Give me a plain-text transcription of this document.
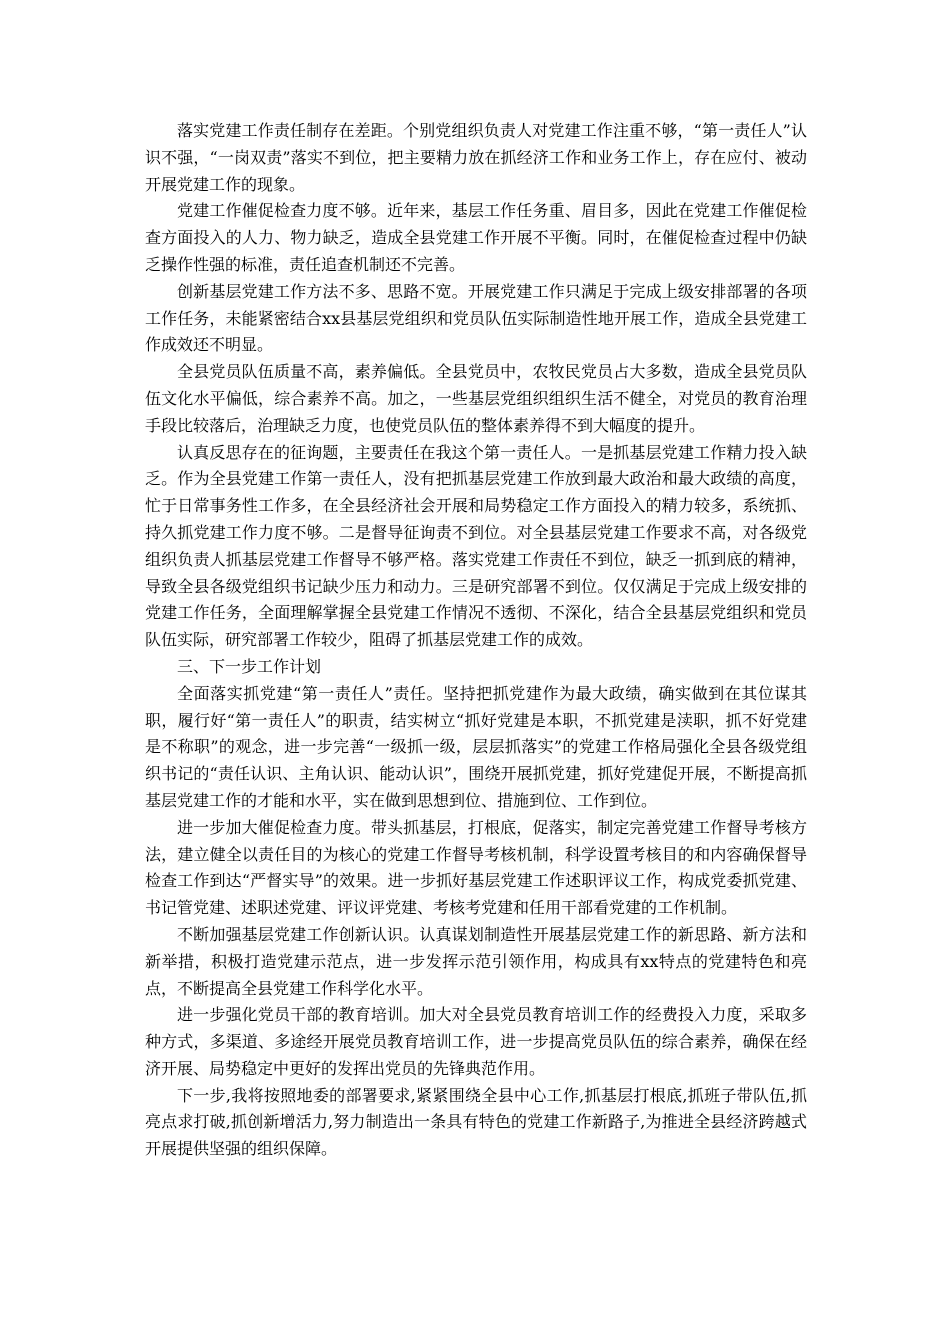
落实党建工作责任制存在差距。个别党组织负责人对党建工作注重不够，“第一责任人”认识不强，“一岗双责”落实不到位，把主要精力放在抓经济工作和业务工作上，存在应付、被动开展党建工作的现象。

党建工作催促检查力度不够。近年来，基层工作任务重、眉目多，因此在党建工作催促检查方面投入的人力、物力缺乏，造成全县党建工作开展不平衡。同时，在催促检查过程中仍缺乏操作性强的标准，责任追查机制还不完善。

创新基层党建工作方法不多、思路不宽。开展党建工作只满足于完成上级安排部署的各项工作任务，未能紧密结合xx县基层党组织和党员队伍实际制造性地开展工作，造成全县党建工作成效还不明显。

全县党员队伍质量不高，素养偏低。全县党员中，农牧民党员占大多数，造成全县党员队伍文化水平偏低，综合素养不高。加之，一些基层党组织组织生活不健全，对党员的教育治理手段比较落后，治理缺乏力度，也使党员队伍的整体素养得不到大幅度的提升。

认真反思存在的征询题，主要责任在我这个第一责任人。一是抓基层党建工作精力投入缺乏。作为全县党建工作第一责任人，没有把抓基层党建工作放到最大政治和最大政绩的高度，忙于日常事务性工作多，在全县经济社会开展和局势稳定工作方面投入的精力较多，系统抓、持久抓党建工作力度不够。二是督导征询责不到位。对全县基层党建工作要求不高，对各级党组织负责人抓基层党建工作督导不够严格。落实党建工作责任不到位，缺乏一抓到底的精神，导致全县各级党组织书记缺少压力和动力。三是研究部署不到位。仅仅满足于完成上级安排的党建工作任务，全面理解掌握全县党建工作情况不透彻、不深化，结合全县基层党组织和党员队伍实际，研究部署工作较少，阻碍了抓基层党建工作的成效。

三、下一步工作计划

全面落实抓党建“第一责任人”责任。坚持把抓党建作为最大政绩，确实做到在其位谋其职，履行好“第一责任人”的职责，结实树立“抓好党建是本职，不抓党建是渎职，抓不好党建是不称职”的观念，进一步完善“一级抓一级，层层抓落实”的党建工作格局强化全县各级党组织书记的“责任认识、主角认识、能动认识”，围绕开展抓党建，抓好党建促开展，不断提高抓基层党建工作的才能和水平，实在做到思想到位、措施到位、工作到位。

进一步加大催促检查力度。带头抓基层，打根底，促落实，制定完善党建工作督导考核方法，建立健全以责任目的为核心的党建工作督导考核机制，科学设置考核目的和内容确保督导检查工作到达“严督实导”的效果。进一步抓好基层党建工作述职评议工作，构成党委抓党建、书记管党建、述职述党建、评议评党建、考核考党建和任用干部看党建的工作机制。

不断加强基层党建工作创新认识。认真谋划制造性开展基层党建工作的新思路、新方法和新举措，积极打造党建示范点，进一步发挥示范引领作用，构成具有xx特点的党建特色和亮点，不断提高全县党建工作科学化水平。

进一步强化党员干部的教育培训。加大对全县党员教育培训工作的经费投入力度，采取多种方式，多渠道、多途经开展党员教育培训工作，进一步提高党员队伍的综合素养，确保在经济开展、局势稳定中更好的发挥出党员的先锋典范作用。

下一步,我将按照地委的部署要求,紧紧围绕全县中心工作,抓基层打根底,抓班子带队伍,抓亮点求打破,抓创新增活力,努力制造出一条具有特色的党建工作新路子,为推进全县经济跨越式开展提供坚强的组织保障。
